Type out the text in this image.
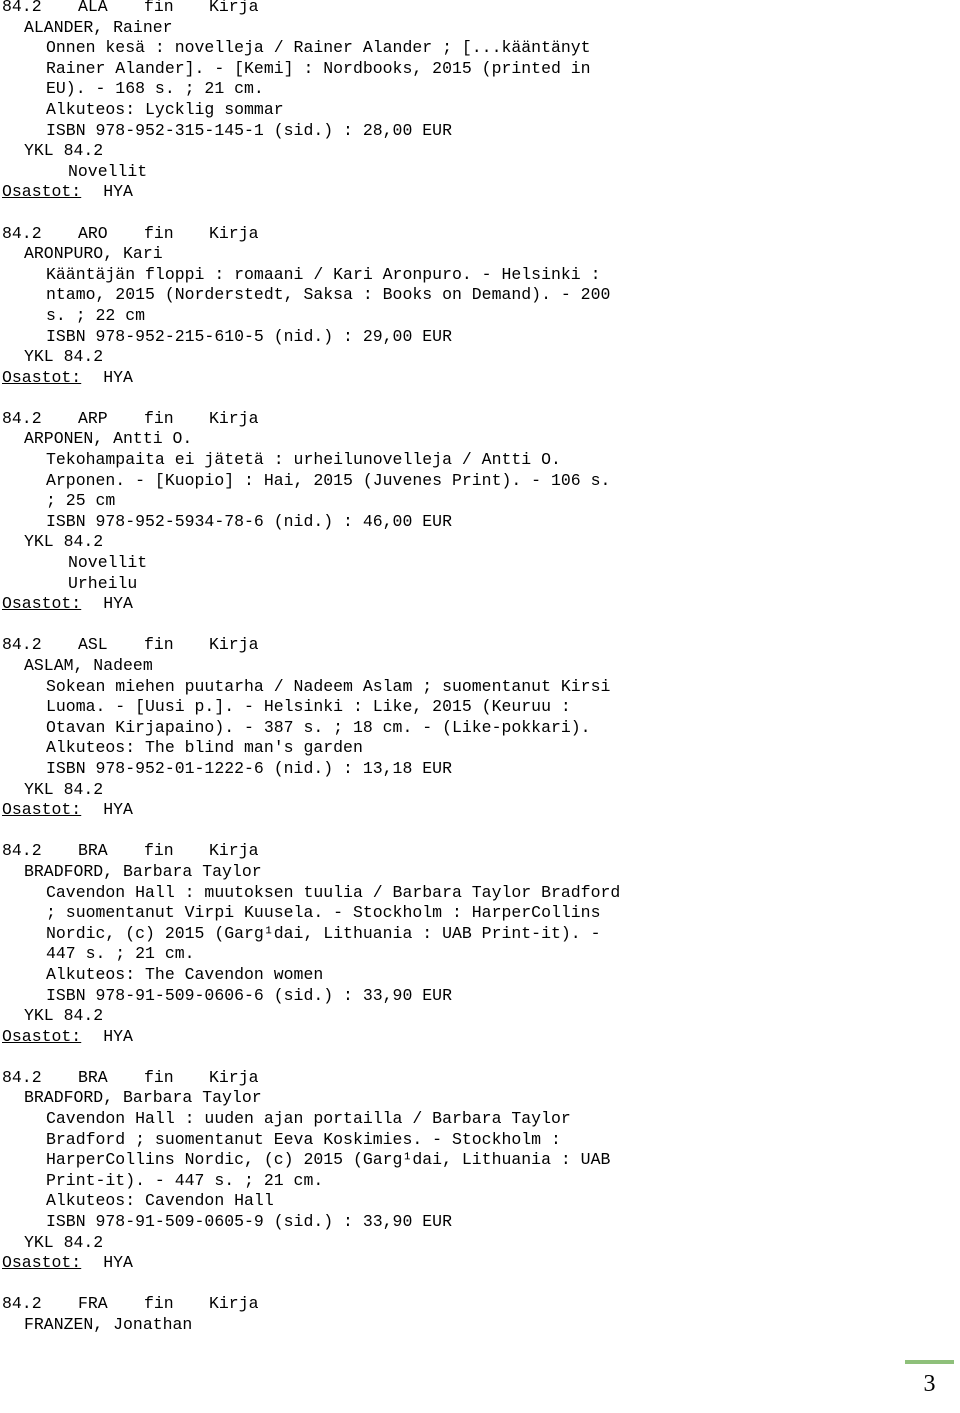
84.2 ALA fin Kirja
ALANDER, Rainer
Onnen kesä : novelleja / Rainer Alander ; [...kääntänyt
Rainer Alander]. - [Kemi] : Nordbooks, 2015 (printed in
EU). - 168 s. ; 21 cm.
Alkuteos: Lycklig sommar
ISBN 978-952-315-145-1 (sid.) : 28,00 EUR
YKL 84.2
Novellit
Osastot: HYA
84.2 ARO fin Kirja
ARONPURO, Kari
Kääntäjän floppi : romaani / Kari Aronpuro. - Helsinki :
ntamo, 2015 (Norderstedt, Saksa : Books on Demand). - 200
s. ; 22 cm
ISBN 978-952-215-610-5 (nid.) : 29,00 EUR
YKL 84.2
Osastot: HYA
84.2 ARP fin Kirja
ARPONEN, Antti O.
Tekohampaita ei jätetä : urheilunovelleja / Antti O.
Arponen. - [Kuopio] : Hai, 2015 (Juvenes Print). - 106 s.
; 25 cm
ISBN 978-952-5934-78-6 (nid.) : 46,00 EUR
YKL 84.2
Novellit
Urheilu
Osastot: HYA
84.2 ASL fin Kirja
ASLAM, Nadeem
Sokean miehen puutarha / Nadeem Aslam ; suomentanut Kirsi
Luoma. - [Uusi p.]. - Helsinki : Like, 2015 (Keuruu :
Otavan Kirjapaino). - 387 s. ; 18 cm. - (Like-pokkari).
Alkuteos: The blind man's garden
ISBN 978-952-01-1222-6 (nid.) : 13,18 EUR
YKL 84.2
Osastot: HYA
84.2 BRA fin Kirja
BRADFORD, Barbara Taylor
Cavendon Hall : muutoksen tuulia / Barbara Taylor Bradford
; suomentanut Virpi Kuusela. - Stockholm : HarperCollins
Nordic, (c) 2015 (Garg¹dai, Lithuania : UAB Print-it). -
447 s. ; 21 cm.
Alkuteos: The Cavendon women
ISBN 978-91-509-0606-6 (sid.) : 33,90 EUR
YKL 84.2
Osastot: HYA
84.2 BRA fin Kirja
BRADFORD, Barbara Taylor
Cavendon Hall : uuden ajan portailla / Barbara Taylor
Bradford ; suomentanut Eeva Koskimies. - Stockholm :
HarperCollins Nordic, (c) 2015 (Garg¹dai, Lithuania : UAB
Print-it). - 447 s. ; 21 cm.
Alkuteos: Cavendon Hall
ISBN 978-91-509-0605-9 (sid.) : 33,90 EUR
YKL 84.2
Osastot: HYA
84.2 FRA fin Kirja
FRANZEN, Jonathan
3
